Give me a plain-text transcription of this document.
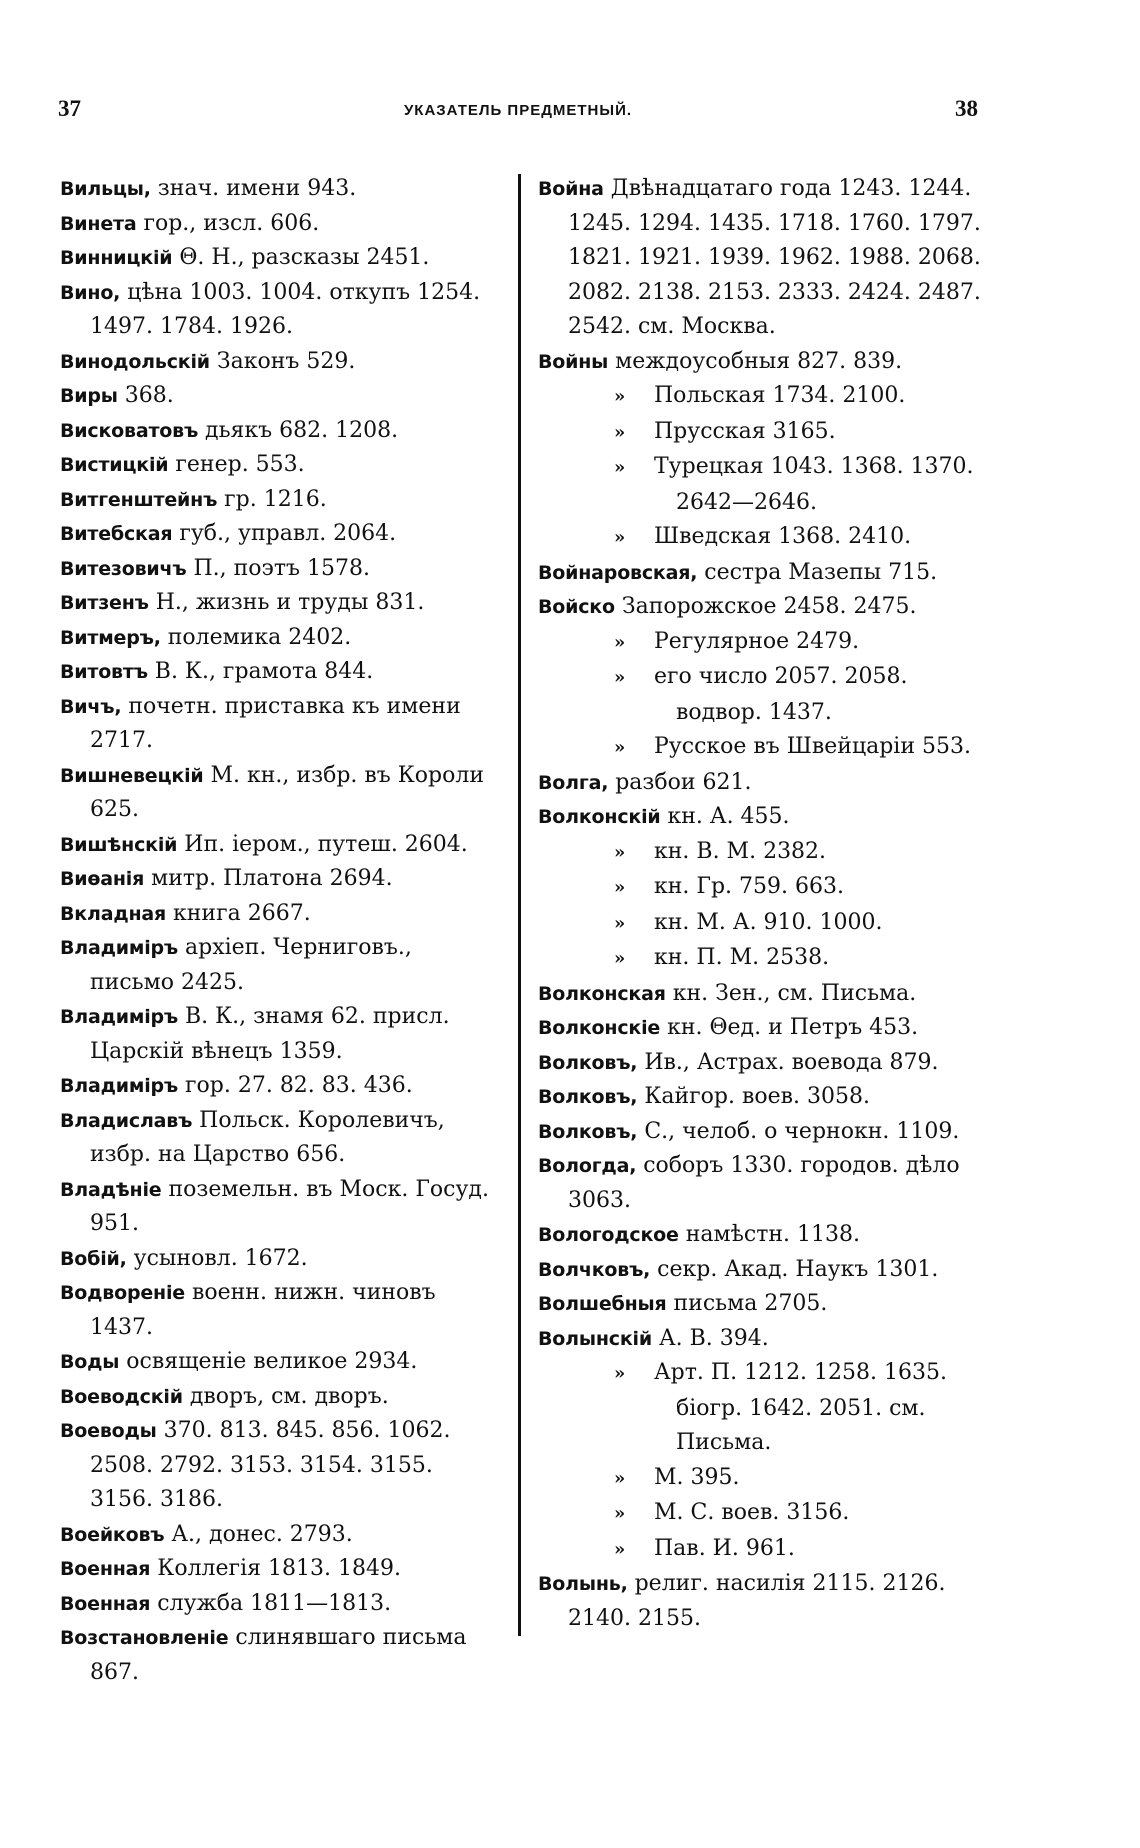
37	УКАЗАТЕЛЬ ПРЕДМЕТНЫЙ.	38
Вильцы, знач. имени 943.
Винета гор., изсл. 606.
Винницкій Θ. Н., разсказы 2451.
Вино, цѣна 1003. 1004. откупъ 1254. 1497. 1784. 1926.
Винодольскій Законъ 529.
Виры 368.
Висковатовъ дьякъ 682. 1208.
Вистицкій генер. 553.
Витгенштейнъ гр. 1216.
Витебская губ., управл. 2064.
Витезовичъ П., поэтъ 1578.
Витзенъ Н., жизнь и труды 831.
Витмеръ, полемика 2402.
Витовтъ В. К., грамота 844.
Вичъ, почетн. приставка къ имени 2717.
Вишневецкій М. кн., избр. въ Короли 625.
Вишѣнскій Ип. іером., путеш. 2604.
Виѳанія митр. Платона 2694.
Вкладная книга 2667.
Владиміръ архіеп. Черниговъ., письмо 2425.
Владиміръ В. К., знамя 62. присл. Царскій вѣнецъ 1359.
Владиміръ гор. 27. 82. 83. 436.
Владиславъ Польск. Королевичъ, избр. на Царство 656.
Владѣніе поземельн. въ Моск. Госуд. 951.
Вобій, усыновл. 1672.
Водвореніе военн. нижн. чиновъ 1437.
Воды освященіе великое 2934.
Воеводскій дворъ, см. дворъ.
Воеводы 370. 813. 845. 856. 1062. 2508. 2792. 3153. 3154. 3155. 3156. 3186.
Воейковъ А., донес. 2793.
Военная Коллегія 1813. 1849.
Военная служба 1811—1813.
Возстановленіе слинявшаго письма 867.
Война Двѣнадцатаго года 1243. 1244. 1245. 1294. 1435. 1718. 1760. 1797. 1821. 1921. 1939. 1962. 1988. 2068. 2082. 2138. 2153. 2333. 2424. 2487. 2542. см. Москва.
Войны междоусобныя 827. 839.
» Польская 1734. 2100.
» Прусская 3165.
» Турецкая 1043. 1368. 1370. 2642—2646.
» Шведская 1368. 2410.
Войнаровская, сестра Мазепы 715.
Войско Запорожское 2458. 2475.
» Регулярное 2479.
» его число 2057. 2058. водвор. 1437.
» Русское въ Швейцаріи 553.
Волга, разбои 621.
Волконскій кн. А. 455.
» кн. В. М. 2382.
» кн. Гр. 759. 663.
» кн. М. А. 910. 1000.
» кн. П. М. 2538.
Волконская кн. Зен., см. Письма.
Волконскіе кн. Θед. и Петръ 453.
Волковъ, Ив., Астрах. воевода 879.
Волковъ, Кайгор. воев. 3058.
Волковъ, С., челоб. о чернокн. 1109.
Вологда, соборъ 1330. городов. дѣло 3063.
Вологодское намѣстн. 1138.
Волчковъ, секр. Акад. Наукъ 1301.
Волшебныя письма 2705.
Волынскій А. В. 394.
» Арт. П. 1212. 1258. 1635. біогр. 1642. 2051. см. Письма.
» М. 395.
» М. С. воев. 3156.
» Пав. И. 961.
Волынь, религ. насилія 2115. 2126. 2140. 2155.
